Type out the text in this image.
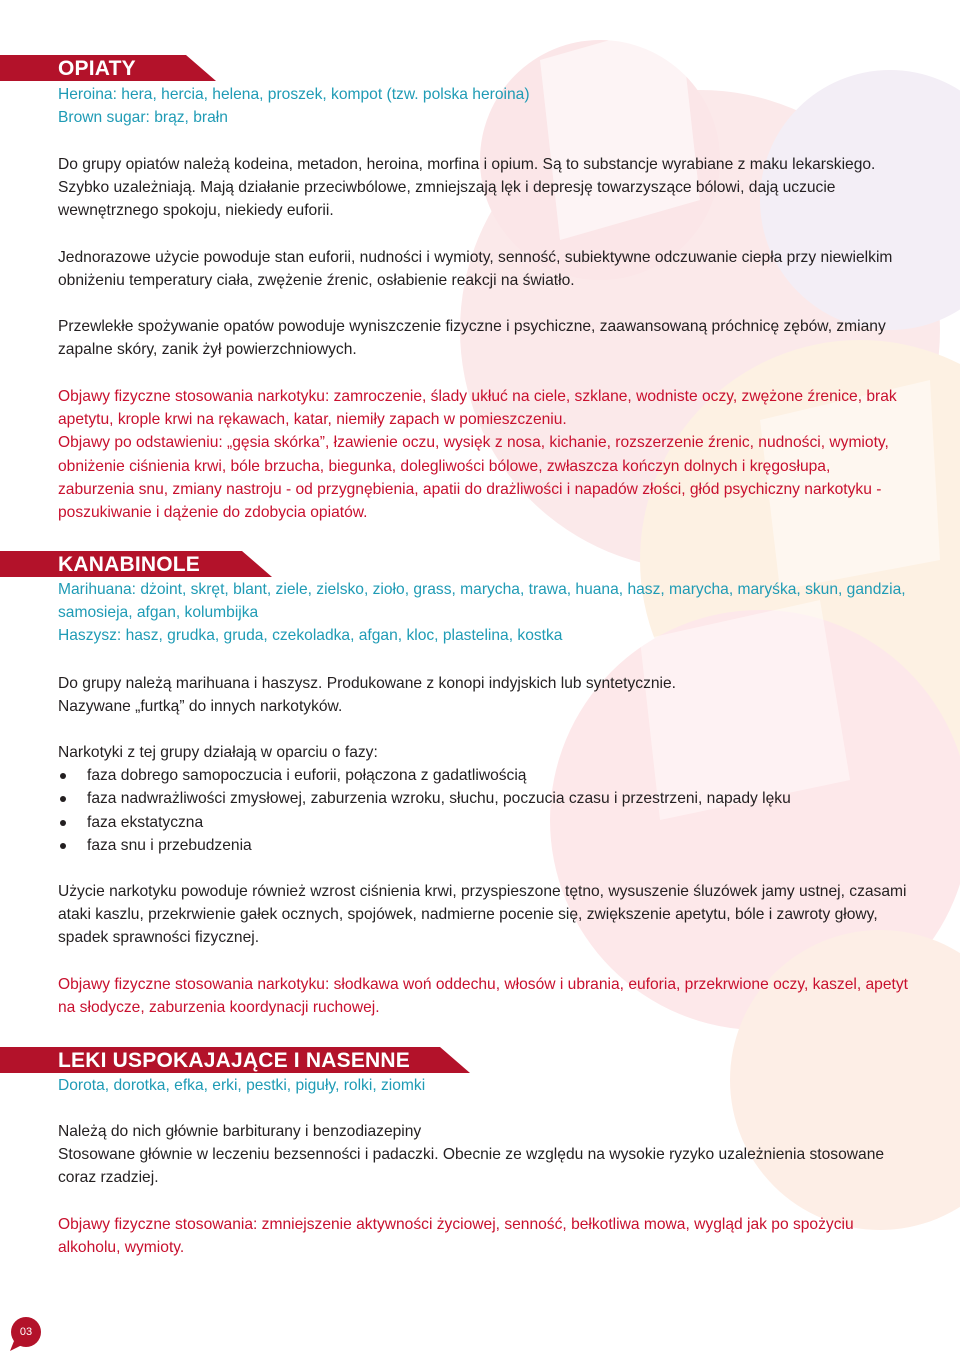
OPIATY

Heroina: hera, hercia, helena, proszek, kompot (tzw. polska heroina)

Brown sugar: brąz, brałn

Do grupy opiatów należą kodeina, metadon, heroina, morfina i opium. Są to substancje wyrabiane z maku lekarskiego. Szybko uzależniają. Mają działanie przeciwbólowe, zmniejszają lęk i depresję towarzyszące bólowi, dają uczucie wewnętrznego spokoju, niekiedy euforii.

Jednorazowe użycie powoduje stan euforii, nudności i wymioty, senność, subiektywne odczuwanie ciepła przy niewielkim obniżeniu temperatury ciała, zwężenie źrenic, osłabienie reakcji na światło.

Przewlekłe spożywanie opatów powoduje wyniszczenie fizyczne i psychiczne, zaawansowaną próchnicę zębów, zmiany zapalne skóry, zanik żył powierzchniowych.

Objawy fizyczne stosowania narkotyku: zamroczenie, ślady ukłuć na ciele, szklane, wodniste oczy, zwężone źrenice, brak apetytu, krople krwi na rękawach, katar, niemiły zapach w pomieszczeniu.

Objawy po odstawieniu: „gęsia skórka”, łzawienie oczu, wysięk z nosa, kichanie, rozszerzenie źrenic, nudności, wymioty, obniżenie ciśnienia krwi, bóle brzucha, biegunka, dolegliwości bólowe, zwłaszcza kończyn dolnych i kręgosłupa, zaburzenia snu, zmiany nastroju - od przygnębienia, apatii do drażliwości i napadów złości, głód psychiczny narkotyku - poszukiwanie i dążenie do zdobycia opiatów.

KANABINOLE

Marihuana: dżoint, skręt, blant, ziele, zielsko, zioło, grass, marycha, trawa, huana, hasz, marycha, maryśka, skun, gandzia, samosieja, afgan, kolumbijka

Haszysz: hasz, grudka, gruda, czekoladka, afgan, kloc, plastelina, kostka

Do grupy należą marihuana i haszysz. Produkowane z konopi indyjskich lub syntetycznie.

Nazywane „furtką” do innych narkotyków.

Narkotyki z tej grupy działają w oparciu o fazy:

faza dobrego samopoczucia i euforii, połączona z gadatliwością
faza nadwrażliwości zmysłowej, zaburzenia wzroku, słuchu, poczucia czasu i przestrzeni, napady lęku
faza ekstatyczna
faza snu i przebudzenia

Użycie narkotyku powoduje również wzrost ciśnienia krwi, przyspieszone tętno, wysuszenie śluzówek jamy ustnej, czasami ataki kaszlu, przekrwienie gałek ocznych, spojówek, nadmierne pocenie się, zwiększenie apetytu, bóle i zawroty głowy, spadek sprawności fizycznej.

Objawy fizyczne stosowania narkotyku: słodkawa woń oddechu, włosów i ubrania, euforia, przekrwione oczy, kaszel, apetyt na słodycze, zaburzenia koordynacji ruchowej.

LEKI USPOKAJAJĄCE I NASENNE

Dorota, dorotka, efka, erki, pestki, piguły, rolki, ziomki

Należą do nich głównie barbiturany i benzodiazepiny

Stosowane głównie w leczeniu bezsenności i padaczki. Obecnie ze względu na wysokie ryzyko uzależnienia stosowane coraz rzadziej.

Objawy fizyczne stosowania: zmniejszenie aktywności życiowej, senność, bełkotliwa mowa, wygląd jak po spożyciu alkoholu, wymioty.

03
